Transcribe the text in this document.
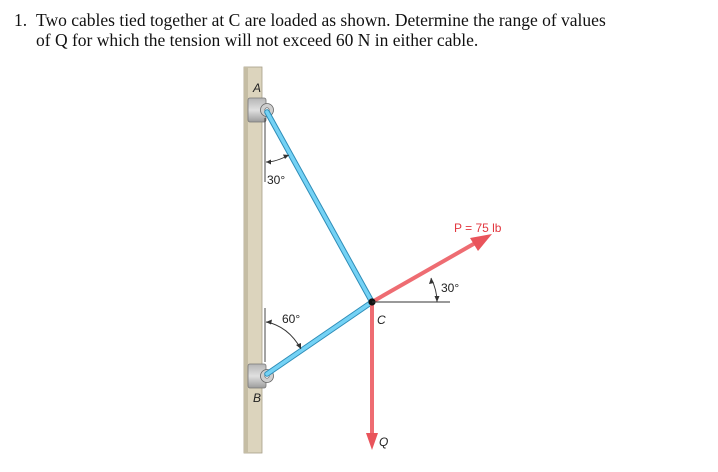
1. Two cables tied together at C are loaded as shown. Determine the range of values
of Q for which the tension will not exceed 60 N in either cable.
A
B
C
30°
60°
30°
P = 75 lb
Q
